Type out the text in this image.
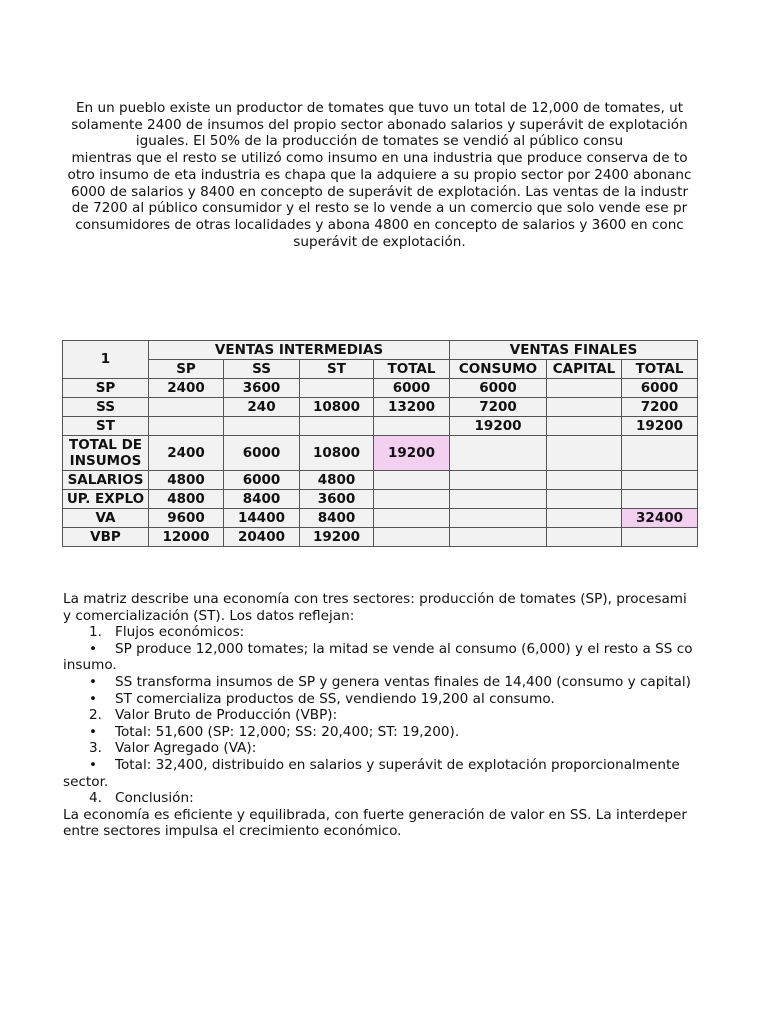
En un pueblo existe un productor de tomates que tuvo un total de 12,000 de tomates, ut
solamente 2400 de insumos del propio sector abonado salarios y superávit de explotación
iguales. El 50% de la producción de tomates se vendió al público consu
mientras que el resto se utilizó como insumo en una industria que produce conserva de to
otro insumo de eta industria es chapa que la adquiere a su propio sector por 2400 abonanc
6000 de salarios y 8400 en concepto de superávit de explotación. Las ventas de la industr
de 7200 al público consumidor y el resto se lo vende a un comercio que solo vende ese pr
consumidores de otras localidades y abona 4800 en concepto de salarios y 3600 en conc
superávit de explotación.
1	VENTAS INTERMEDIAS				VENTAS FINALES		
	SP	SS	ST	TOTAL	CONSUMO	CAPITAL	TOTAL
SP	2400	3600		6000	6000		6000
SS		240	10800	13200	7200		7200
ST					19200		19200
TOTAL DE INSUMOS	2400	6000	10800	19200			
SALARIOS	4800	6000	4800				
UP. EXPLO	4800	8400	3600				
VA	9600	14400	8400				32400
VBP	12000	20400	19200				

La matriz describe una economía con tres sectores: producción de tomates (SP), procesami

y comercialización (ST). Los datos reflejan:

1. Flujos económicos:

• SP produce 12,000 tomates; la mitad se vende al consumo (6,000) y el resto a SS co

insumo.

• SS transforma insumos de SP y genera ventas finales de 14,400 (consumo y capital)

• ST comercializa productos de SS, vendiendo 19,200 al consumo.

2. Valor Bruto de Producción (VBP):

• Total: 51,600 (SP: 12,000; SS: 20,400; ST: 19,200).

3. Valor Agregado (VA):

• Total: 32,400, distribuido en salarios y superávit de explotación proporcionalmente

sector.

4. Conclusión:

La economía es eficiente y equilibrada, con fuerte generación de valor en SS. La interdeper

entre sectores impulsa el crecimiento económico.
